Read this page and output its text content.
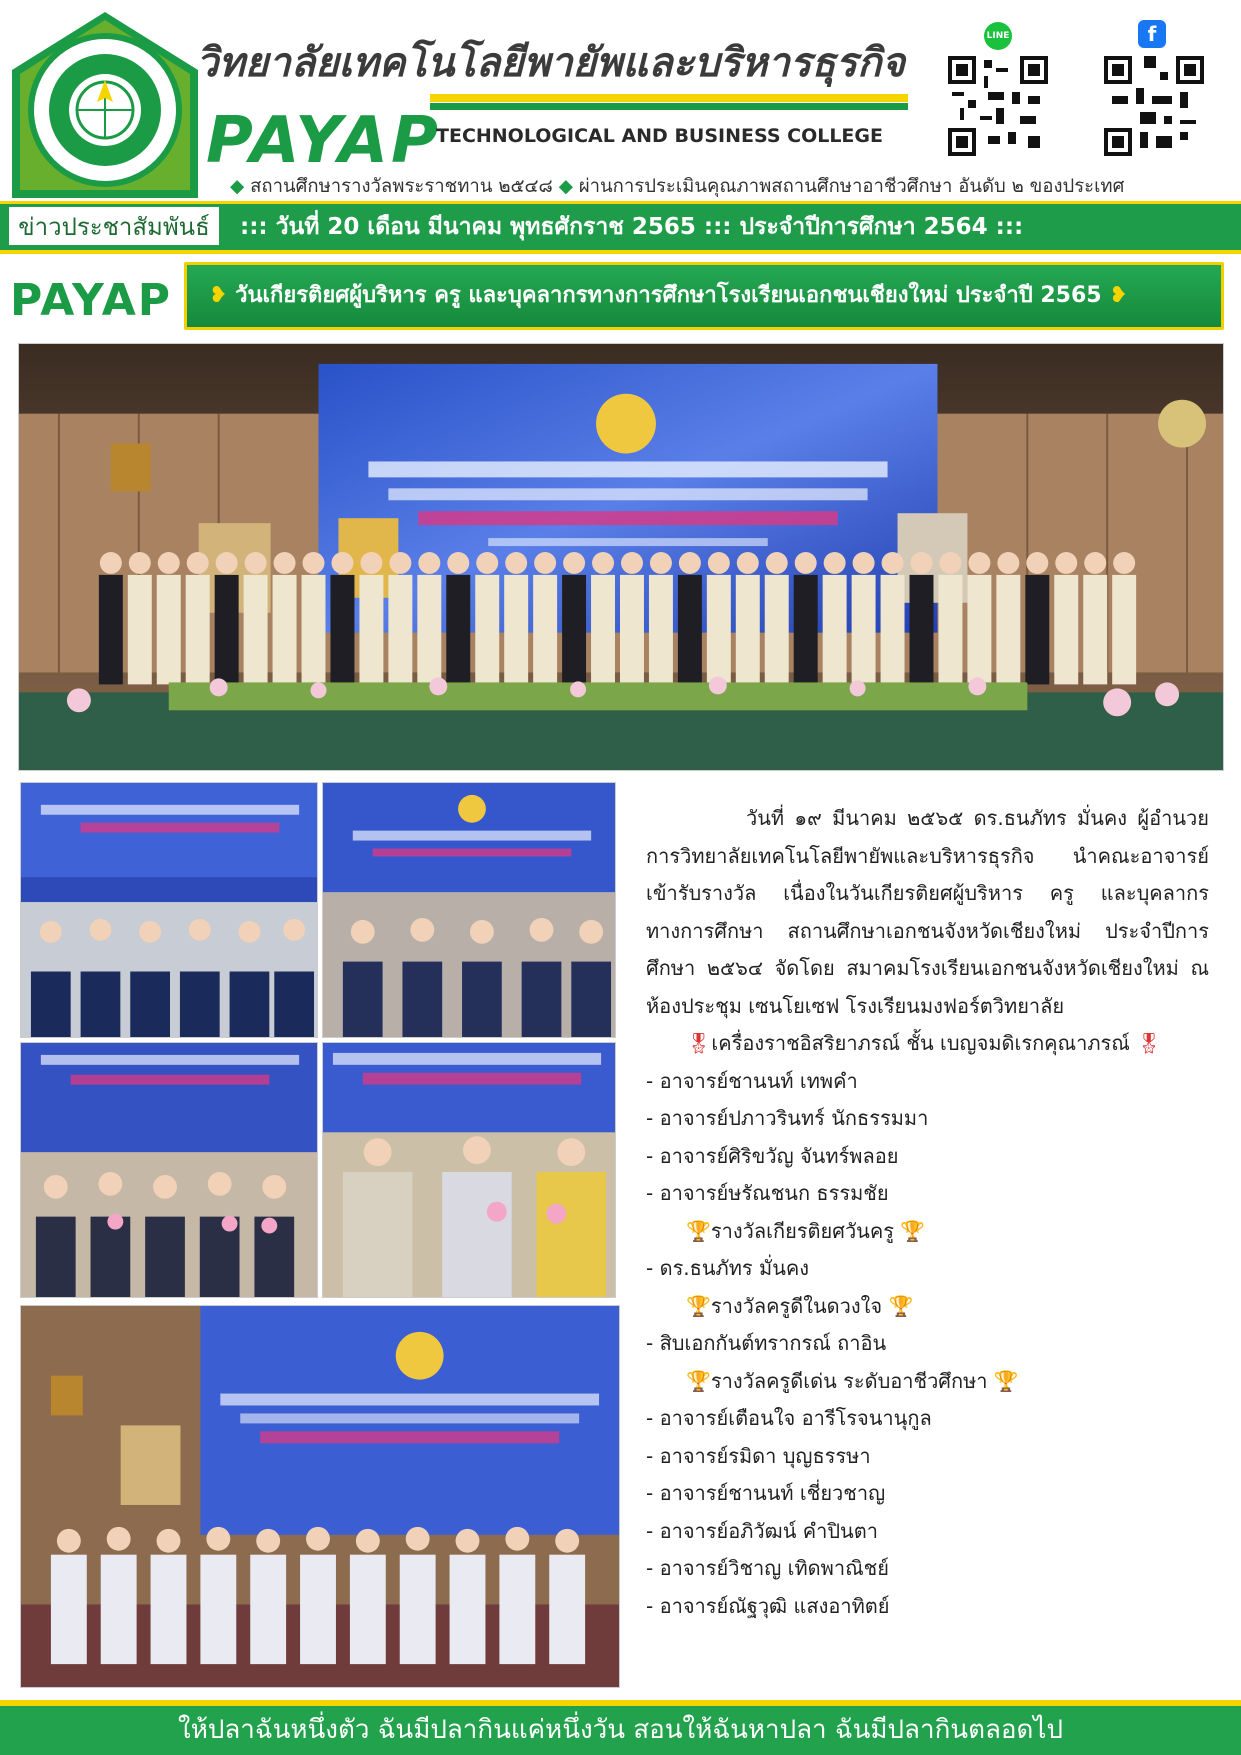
วิทยาลัยเทคโนโลยีพายัพและบริหารธุรกิจ
PAYAP
TECHNOLOGICAL AND BUSINESS COLLEGE
◆ สถานศึกษารางวัลพระราชทาน ๒๕๔๘ ◆ ผ่านการประเมินคุณภาพสถานศึกษาอาชีวศึกษา อันดับ ๒ ของประเทศ
LINE	f
ข่าวประชาสัมพันธ์	::: วันที่ 20 เดือน มีนาคม พุทธศักราช 2565 ::: ประจำปีการศึกษา 2564 :::
PAYAP	❥ วันเกียรติยศผู้บริหาร ครู และบุคลากรทางการศึกษาโรงเรียนเอกชนเชียงใหม่ ประจำปี 2565 ❥

วันที่ ๑๙ มีนาคม ๒๕๖๕ ดร.ธนภัทร มั่นคง ผู้อำนวยการวิทยาลัยเทคโนโลยีพายัพและบริหารธุรกิจ นำคณะอาจารย์ เข้ารับรางวัล เนื่องในวันเกียรติยศผู้บริหาร ครู และบุคลากรทางการศึกษา สถานศึกษาเอกชนจังหวัดเชียงใหม่ ประจำปีการศึกษา ๒๕๖๔ จัดโดย สมาคมโรงเรียนเอกชนจังหวัดเชียงใหม่ ณ ห้องประชุม เซนโยเซฟ โรงเรียนมงฟอร์ตวิทยาลัย

🎖เครื่องราชอิสริยาภรณ์ ชั้น เบญจมดิเรกคุณาภรณ์ 🎖
- อาจารย์ชานนท์ เทพคำ
- อาจารย์ปภาวรินทร์ นักธรรมมา
- อาจารย์ศิริขวัญ จันทร์พลอย
- อาจารย์ษรัณชนก ธรรมชัย
🏆รางวัลเกียรติยศวันครู 🏆
- ดร.ธนภัทร มั่นคง
🏆รางวัลครูดีในดวงใจ 🏆
- สิบเอกกันต์ทรากรณ์ ถาอิน
🏆รางวัลครูดีเด่น ระดับอาชีวศึกษา 🏆
- อาจารย์เตือนใจ อารีโรจนานุกูล
- อาจารย์รมิดา บุญธรรษา
- อาจารย์ชานนท์ เชี่ยวชาญ
- อาจารย์อภิวัฒน์ คำปินตา
- อาจารย์วิชาญ เทิดพาณิชย์
- อาจารย์ณัฐวุฒิ แสงอาทิตย์
ให้ปลาฉันหนึ่งตัว ฉันมีปลากินแค่หนึ่งวัน สอนให้ฉันหาปลา ฉันมีปลากินตลอดไป
